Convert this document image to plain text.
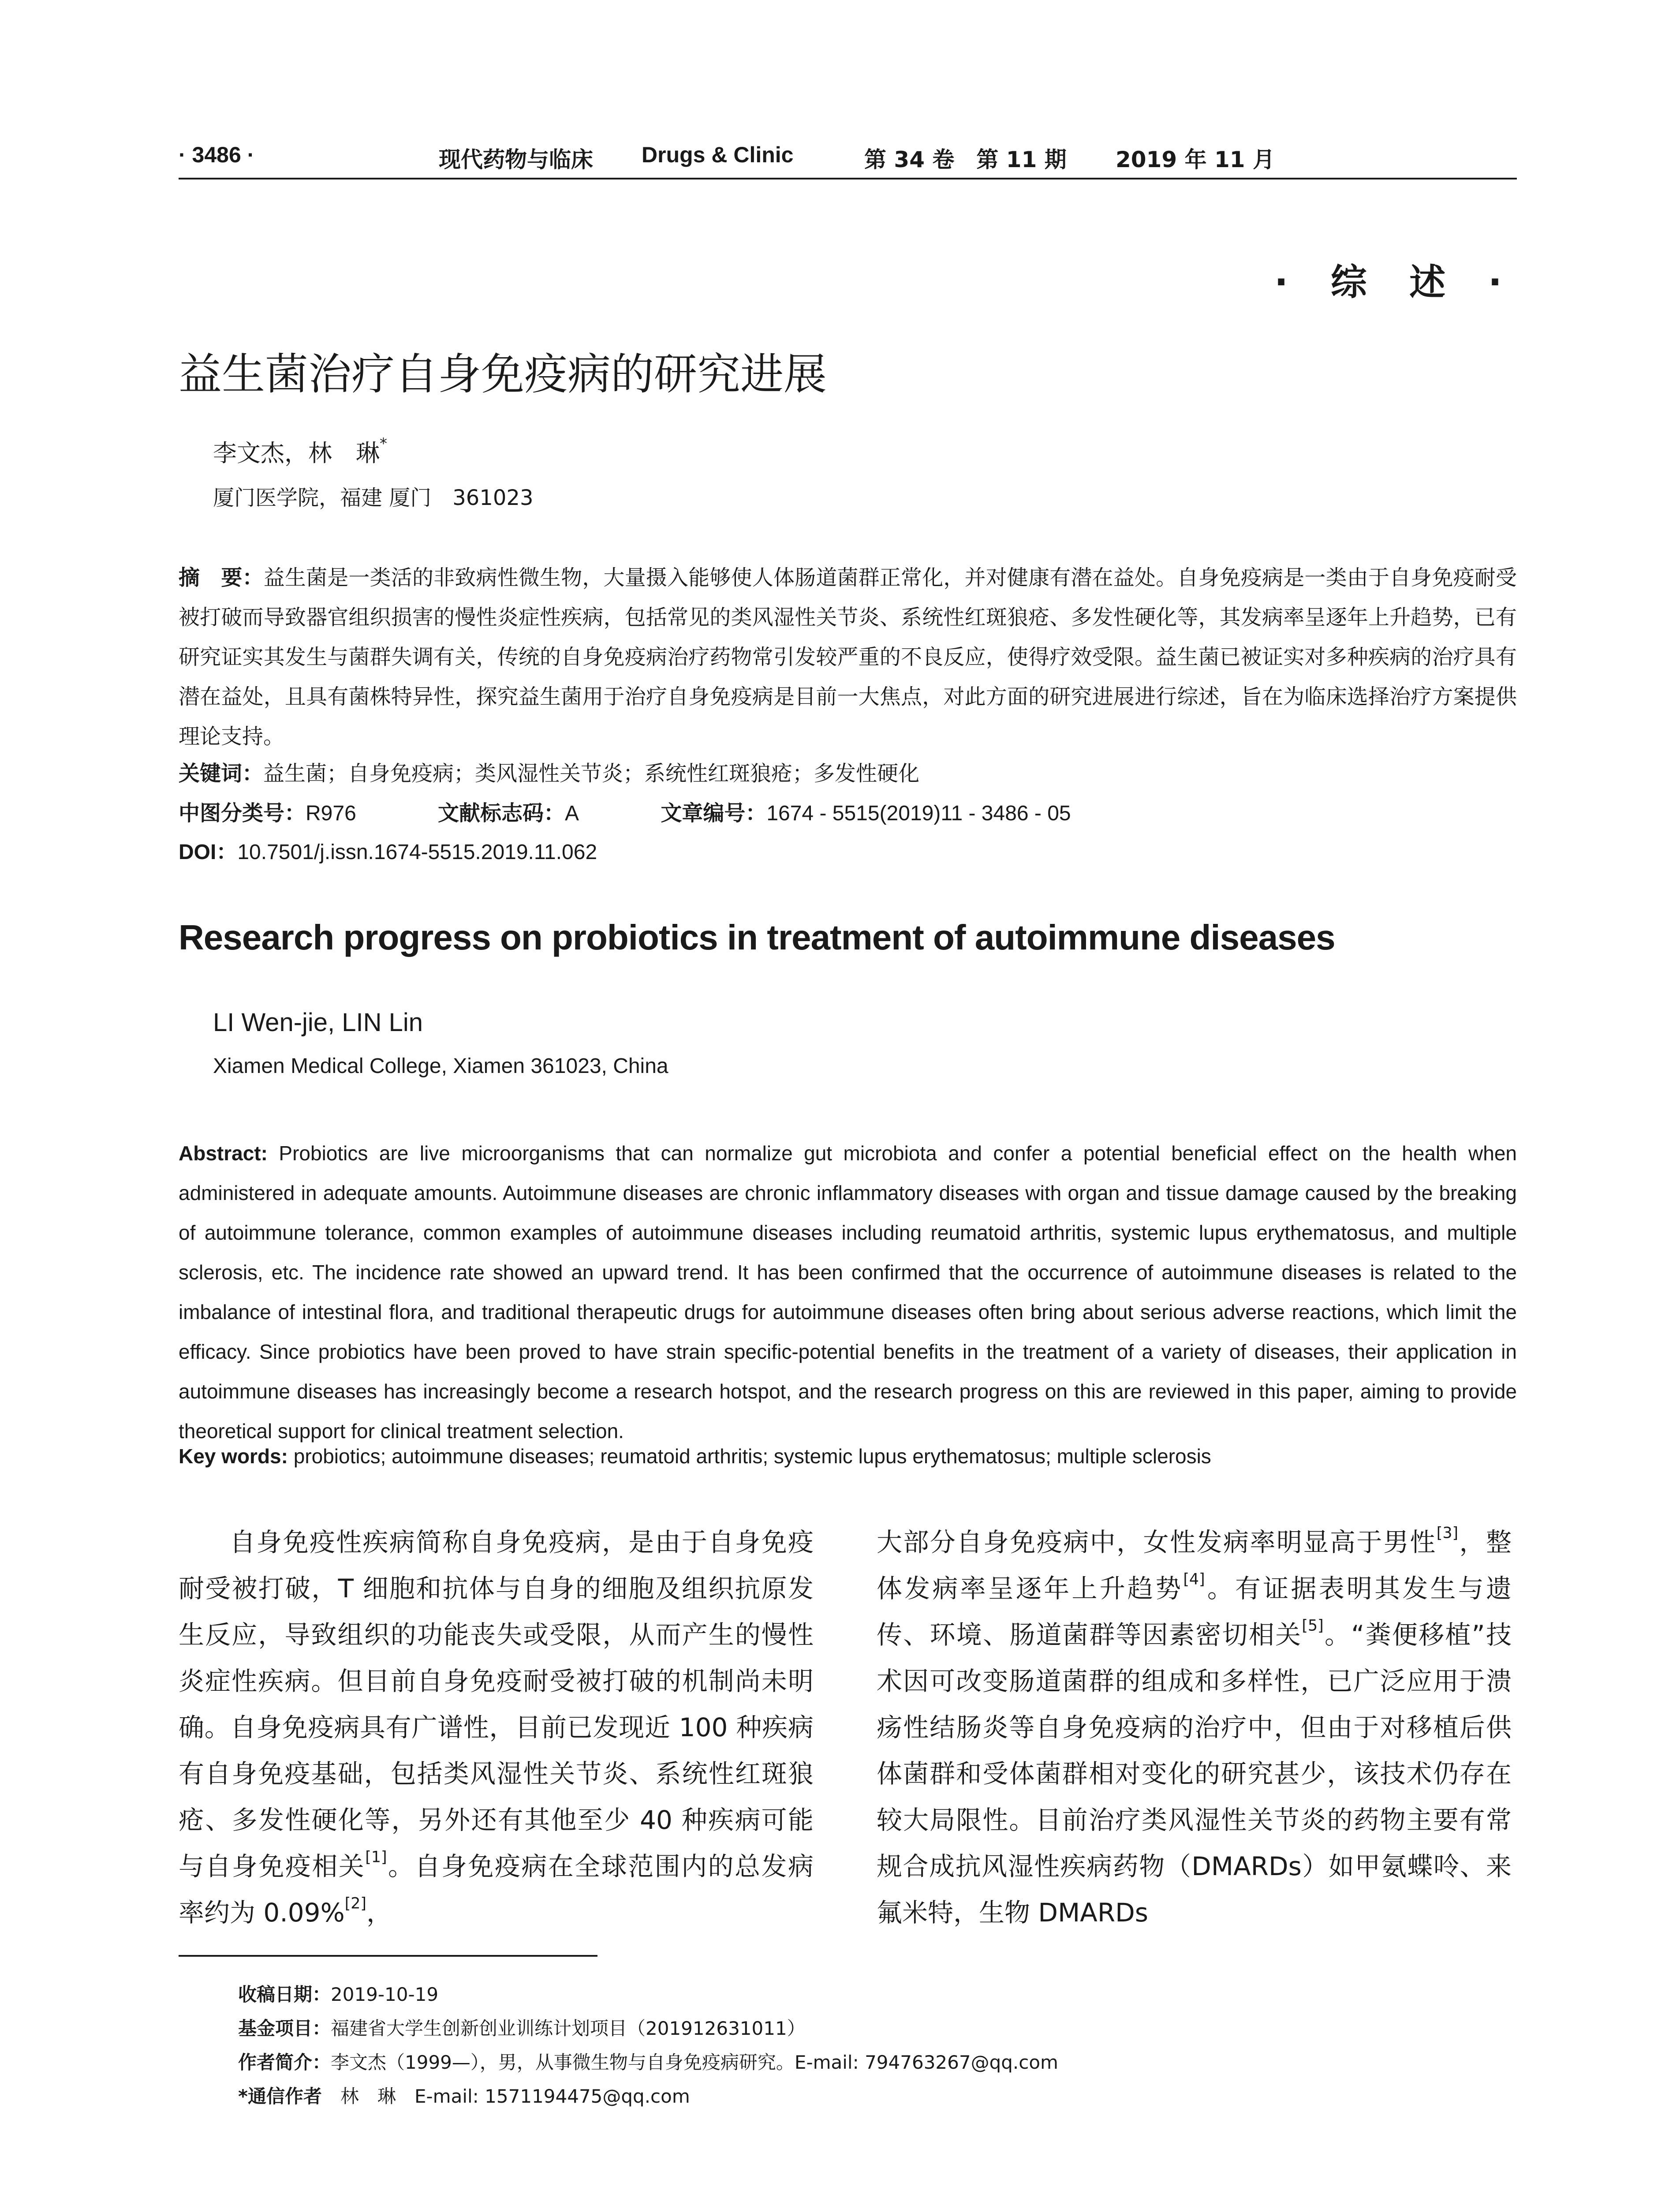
· 3486 ·	现代药物与临床 Drugs & Clinic	第 34 卷　第 11 期 2019 年 11 月
· 综 述 ·
益生菌治疗自身免疫病的研究进展
李文杰，林　琳*
厦门医学院，福建 厦门　361023
摘　要：益生菌是一类活的非致病性微生物，大量摄入能够使人体肠道菌群正常化，并对健康有潜在益处。自身免疫病是一类由于自身免疫耐受被打破而导致器官组织损害的慢性炎症性疾病，包括常见的类风湿性关节炎、系统性红斑狼疮、多发性硬化等，其发病率呈逐年上升趋势，已有研究证实其发生与菌群失调有关，传统的自身免疫病治疗药物常引发较严重的不良反应，使得疗效受限。益生菌已被证实对多种疾病的治疗具有潜在益处，且具有菌株特异性，探究益生菌用于治疗自身免疫病是目前一大焦点，对此方面的研究进展进行综述，旨在为临床选择治疗方案提供理论支持。
关键词：益生菌；自身免疫病；类风湿性关节炎；系统性红斑狼疮；多发性硬化
中图分类号：R976	文献标志码：A	文章编号：1674 - 5515(2019)11 - 3486 - 05
DOI：10.7501/j.issn.1674-5515.2019.11.062
Research progress on probiotics in treatment of autoimmune diseases
LI Wen-jie, LIN Lin
Xiamen Medical College, Xiamen 361023, China
Abstract: Probiotics are live microorganisms that can normalize gut microbiota and confer a potential beneficial effect on the health when administered in adequate amounts. Autoimmune diseases are chronic inflammatory diseases with organ and tissue damage caused by the breaking of autoimmune tolerance, common examples of autoimmune diseases including reumatoid arthritis, systemic lupus erythematosus, and multiple sclerosis, etc. The incidence rate showed an upward trend. It has been confirmed that the occurrence of autoimmune diseases is related to the imbalance of intestinal flora, and traditional therapeutic drugs for autoimmune diseases often bring about serious adverse reactions, which limit the efficacy. Since probiotics have been proved to have strain specific-potential benefits in the treatment of a variety of diseases, their application in autoimmune diseases has increasingly become a research hotspot, and the research progress on this are reviewed in this paper, aiming to provide theoretical support for clinical treatment selection.
Key words: probiotics; autoimmune diseases; reumatoid arthritis; systemic lupus erythematosus; multiple sclerosis
自身免疫性疾病简称自身免疫病，是由于自身免疫耐受被打破，T 细胞和抗体与自身的细胞及组织抗原发生反应，导致组织的功能丧失或受限，从而产生的慢性炎症性疾病。但目前自身免疫耐受被打破的机制尚未明确。自身免疫病具有广谱性，目前已发现近 100 种疾病有自身免疫基础，包括类风湿性关节炎、系统性红斑狼疮、多发性硬化等，另外还有其他至少 40 种疾病可能与自身免疫相关[1]。自身免疫病在全球范围内的总发病率约为 0.09%[2]，
大部分自身免疫病中，女性发病率明显高于男性[3]，整体发病率呈逐年上升趋势[4]。有证据表明其发生与遗传、环境、肠道菌群等因素密切相关[5]。“粪便移植”技术因可改变肠道菌群的组成和多样性，已广泛应用于溃疡性结肠炎等自身免疫病的治疗中，但由于对移植后供体菌群和受体菌群相对变化的研究甚少，该技术仍存在较大局限性。目前治疗类风湿性关节炎的药物主要有常规合成抗风湿性疾病药物（DMARDs）如甲氨蝶呤、来氟米特，生物 DMARDs
收稿日期：2019-10-19
基金项目：福建省大学生创新创业训练计划项目（201912631011）
作者简介：李文杰（1999—），男，从事微生物与自身免疫病研究。E-mail: 794763267@qq.com
*通信作者　 林　琳　E-mail: 1571194475@qq.com
